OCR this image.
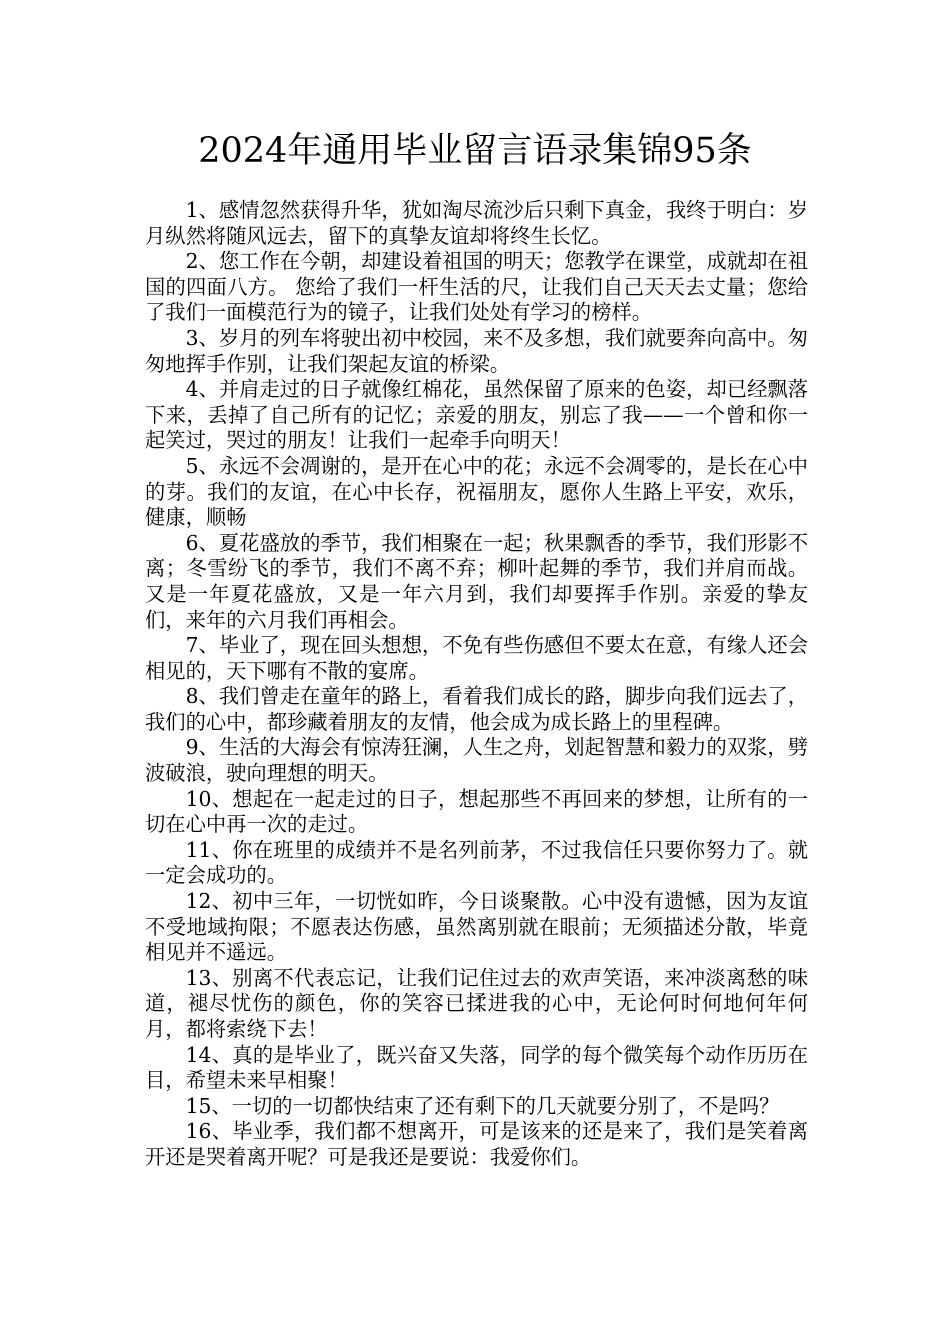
2024年通用毕业留言语录集锦95条

1、感情忽然获得升华，犹如淘尽流沙后只剩下真金，我终于明白：岁月纵然将随风远去，留下的真挚友谊却将终生长忆。

2、您工作在今朝，却建设着祖国的明天；您教学在课堂，成就却在祖国的四面八方。 您给了我们一杆生活的尺，让我们自己天天去丈量；您给了我们一面模范行为的镜子，让我们处处有学习的榜样。

3、岁月的列车将驶出初中校园，来不及多想，我们就要奔向高中。匆匆地挥手作别，让我们架起友谊的桥梁。

4、并肩走过的日子就像红棉花，虽然保留了原来的色姿，却已经飘落下来，丢掉了自己所有的记忆；亲爱的朋友，别忘了我——一个曾和你一起笑过，哭过的朋友！让我们一起牵手向明天！

5、永远不会凋谢的，是开在心中的花；永远不会凋零的，是长在心中的芽。我们的友谊，在心中长存，祝福朋友，愿你人生路上平安，欢乐，健康，顺畅

6、夏花盛放的季节，我们相聚在一起；秋果飘香的季节，我们形影不离；冬雪纷飞的季节，我们不离不弃；柳叶起舞的季节，我们并肩而战。又是一年夏花盛放，又是一年六月到，我们却要挥手作别。亲爱的挚友们，来年的六月我们再相会。

7、毕业了，现在回头想想，不免有些伤感但不要太在意，有缘人还会相见的，天下哪有不散的宴席。

8、我们曾走在童年的路上，看着我们成长的路，脚步向我们远去了，我们的心中，都珍藏着朋友的友情，他会成为成长路上的里程碑。

9、生活的大海会有惊涛狂澜，人生之舟，划起智慧和毅力的双浆，劈波破浪，驶向理想的明天。

10、想起在一起走过的日子，想起那些不再回来的梦想，让所有的一切在心中再一次的走过。

11、你在班里的成绩并不是名列前茅，不过我信任只要你努力了。就一定会成功的。

12、初中三年，一切恍如昨，今日谈聚散。心中没有遗憾，因为友谊不受地域拘限；不愿表达伤感，虽然离别就在眼前；无须描述分散，毕竟相见并不遥远。

13、别离不代表忘记，让我们记住过去的欢声笑语，来冲淡离愁的味道，褪尽忧伤的颜色，你的笑容已揉进我的心中，无论何时何地何年何月，都将索绕下去！

14、真的是毕业了，既兴奋又失落，同学的每个微笑每个动作历历在目，希望未来早相聚！

15、一切的一切都快结束了还有剩下的几天就要分别了，不是吗？

16、毕业季，我们都不想离开，可是该来的还是来了，我们是笑着离开还是哭着离开呢？可是我还是要说：我爱你们。
